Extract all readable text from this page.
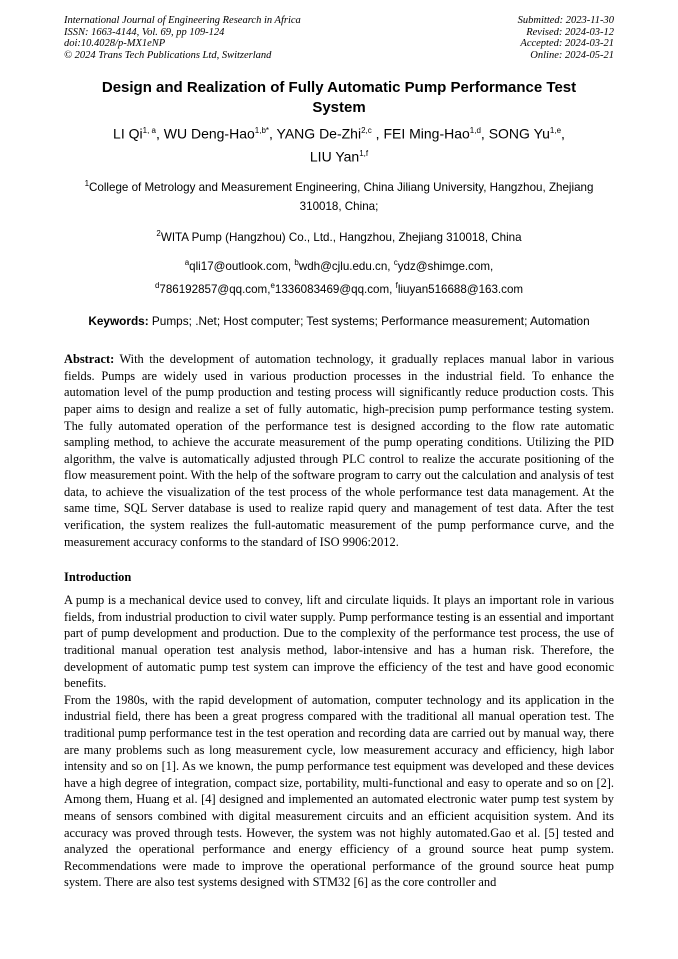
International Journal of Engineering Research in Africa
ISSN: 1663-4144, Vol. 69, pp 109-124
doi:10.4028/p-MX1eNP
© 2024 Trans Tech Publications Ltd, Switzerland
Submitted: 2023-11-30
Revised: 2024-03-12
Accepted: 2024-03-21
Online: 2024-05-21
Design and Realization of Fully Automatic Pump Performance Test System
LI Qi$^{1, a}$, WU Deng-Hao$^{1,b*}$, YANG De-Zhi$^{2,c}$ , FEI Ming-Hao$^{1,d}$, SONG Yu$^{1,e}$,
LIU Yan$^{1,f}$
$^1$College of Metrology and Measurement Engineering, China Jiliang University, Hangzhou, Zhejiang 310018, China;
$^2$WITA Pump (Hangzhou) Co., Ltd., Hangzhou, Zhejiang 310018, China
$^a$qli17@outlook.com, $^b$wdh@cjlu.edu.cn, $^c$ydz@shimge.com,
$^d$786192857@qq.com,$^e$1336083469@qq.com, $^f$liuyan516688@163.com
Keywords: Pumps; .Net; Host computer; Test systems; Performance measurement; Automation
Abstract: With the development of automation technology, it gradually replaces manual labor in various fields. Pumps are widely used in various production processes in the industrial field. To enhance the automation level of the pump production and testing process will significantly reduce production costs. This paper aims to design and realize a set of fully automatic, high-precision pump performance testing system. The fully automated operation of the performance test is designed according to the flow rate automatic sampling method, to achieve the accurate measurement of the pump operating conditions. Utilizing the PID algorithm, the valve is automatically adjusted through PLC control to realize the accurate positioning of the flow measurement point. With the help of the software program to carry out the calculation and analysis of test data, to achieve the visualization of the test process of the whole performance test data management. At the same time, SQL Server database is used to realize rapid query and management of test data. After the test verification, the system realizes the full-automatic measurement of the pump performance curve, and the measurement accuracy conforms to the standard of ISO 9906:2012.
Introduction

A pump is a mechanical device used to convey, lift and circulate liquids. It plays an important role in various fields, from industrial production to civil water supply. Pump performance testing is an essential and important part of pump development and production. Due to the complexity of the performance test process, the use of traditional manual operation test analysis method, labor-intensive and has a human risk. Therefore, the development of automatic pump test system can improve the efficiency of the test and have good economic benefits.

From the 1980s, with the rapid development of automation, computer technology and its application in the industrial field, there has been a great progress compared with the traditional all manual operation test. The traditional pump performance test in the test operation and recording data are carried out by manual way, there are many problems such as long measurement cycle, low measurement accuracy and efficiency, high labor intensity and so on [1]. As we known, the pump performance test equipment was developed and these devices have a high degree of integration, compact size, portability, multi-functional and easy to operate and so on [2]. Among them, Huang et al. [4] designed and implemented an automated electronic water pump test system by means of sensors combined with digital measurement circuits and an efficient acquisition system. And its accuracy was proved through tests. However, the system was not highly automated.Gao et al. [5] tested and analyzed the operational performance and energy efficiency of a ground source heat pump system. Recommendations were made to improve the operational performance of the ground source heat pump system. There are also test systems designed with STM32 [6] as the core controller and
